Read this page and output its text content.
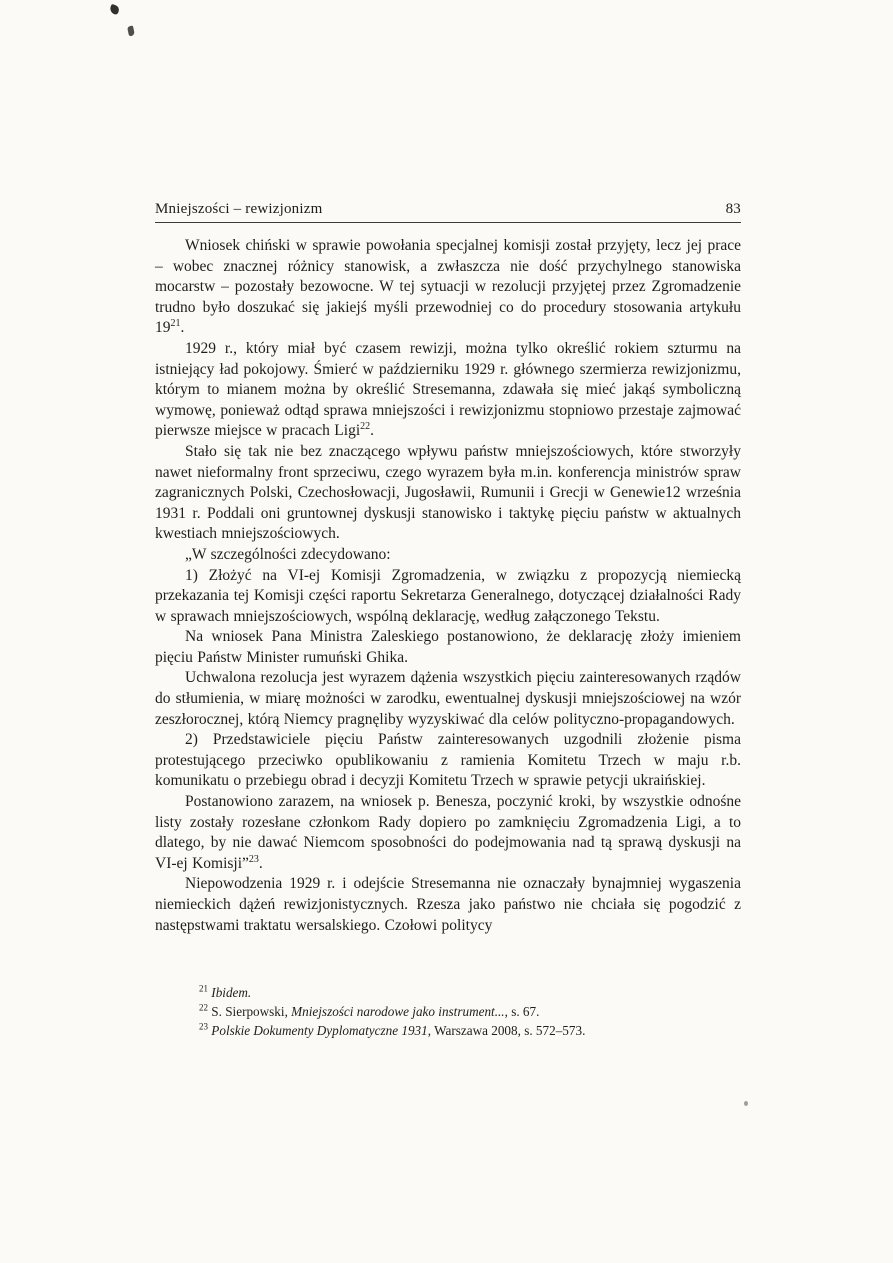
Mniejszości – rewizjonizm	83

Wniosek chiński w sprawie powołania specjalnej komisji został przyjęty, lecz jej prace – wobec znacznej różnicy stanowisk, a zwłaszcza nie dość przychylnego stanowiska mocarstw – pozostały bezowocne. W tej sytuacji w rezolucji przyjętej przez Zgromadzenie trudno było doszukać się jakiejś myśli przewodniej co do procedury stosowania artykułu $19^{21}$.

1929 r., który miał być czasem rewizji, można tylko określić rokiem szturmu na istniejący ład pokojowy. Śmierć w październiku 1929 r. głównego szermierza rewizjonizmu, którym to mianem można by określić Stresemanna, zdawała się mieć jakąś symboliczną wymowę, ponieważ odtąd sprawa mniejszości i rewizjonizmu stopniowo przestaje zajmować pierwsze miejsce w pracach Ligi$^{22}$.

Stało się tak nie bez znaczącego wpływu państw mniejszościowych, które stworzyły nawet nieformalny front sprzeciwu, czego wyrazem była m.in. konferencja ministrów spraw zagranicznych Polski, Czechosłowacji, Jugosławii, Rumunii i Grecji w Genewie12 września 1931 r. Poddali oni gruntownej dyskusji stanowisko i taktykę pięciu państw w aktualnych kwestiach mniejszościowych.

„W szczególności zdecydowano:

1) Złożyć na VI-ej Komisji Zgromadzenia, w związku z propozycją niemiecką przekazania tej Komisji części raportu Sekretarza Generalnego, dotyczącej działalności Rady w sprawach mniejszościowych, wspólną deklarację, według załączonego Tekstu.

Na wniosek Pana Ministra Zaleskiego postanowiono, że deklarację złoży imieniem pięciu Państw Minister rumuński Ghika.

Uchwalona rezolucja jest wyrazem dążenia wszystkich pięciu zainteresowanych rządów do stłumienia, w miarę możności w zarodku, ewentualnej dyskusji mniejszościowej na wzór zeszłorocznej, którą Niemcy pragnęliby wyzyskiwać dla celów polityczno-propagandowych.

2) Przedstawiciele pięciu Państw zainteresowanych uzgodnili złożenie pisma protestującego przeciwko opublikowaniu z ramienia Komitetu Trzech w maju r.b. komunikatu o przebiegu obrad i decyzji Komitetu Trzech w sprawie petycji ukraińskiej.

Postanowiono zarazem, na wniosek p. Benesza, poczynić kroki, by wszystkie odnośne listy zostały rozesłane członkom Rady dopiero po zamknięciu Zgromadzenia Ligi, a to dlatego, by nie dawać Niemcom sposobności do podejmowania nad tą sprawą dyskusji na VI-ej Komisji”$^{23}$.

Niepowodzenia 1929 r. i odejście Stresemanna nie oznaczały bynajmniej wygaszenia niemieckich dążeń rewizjonistycznych. Rzesza jako państwo nie chciała się pogodzić z następstwami traktatu wersalskiego. Czołowi politycy

$^{21}$ Ibidem.

$^{22}$ S. Sierpowski, Mniejszości narodowe jako instrument..., s. 67.

$^{23}$ Polskie Dokumenty Dyplomatyczne 1931, Warszawa 2008, s. 572–573.
